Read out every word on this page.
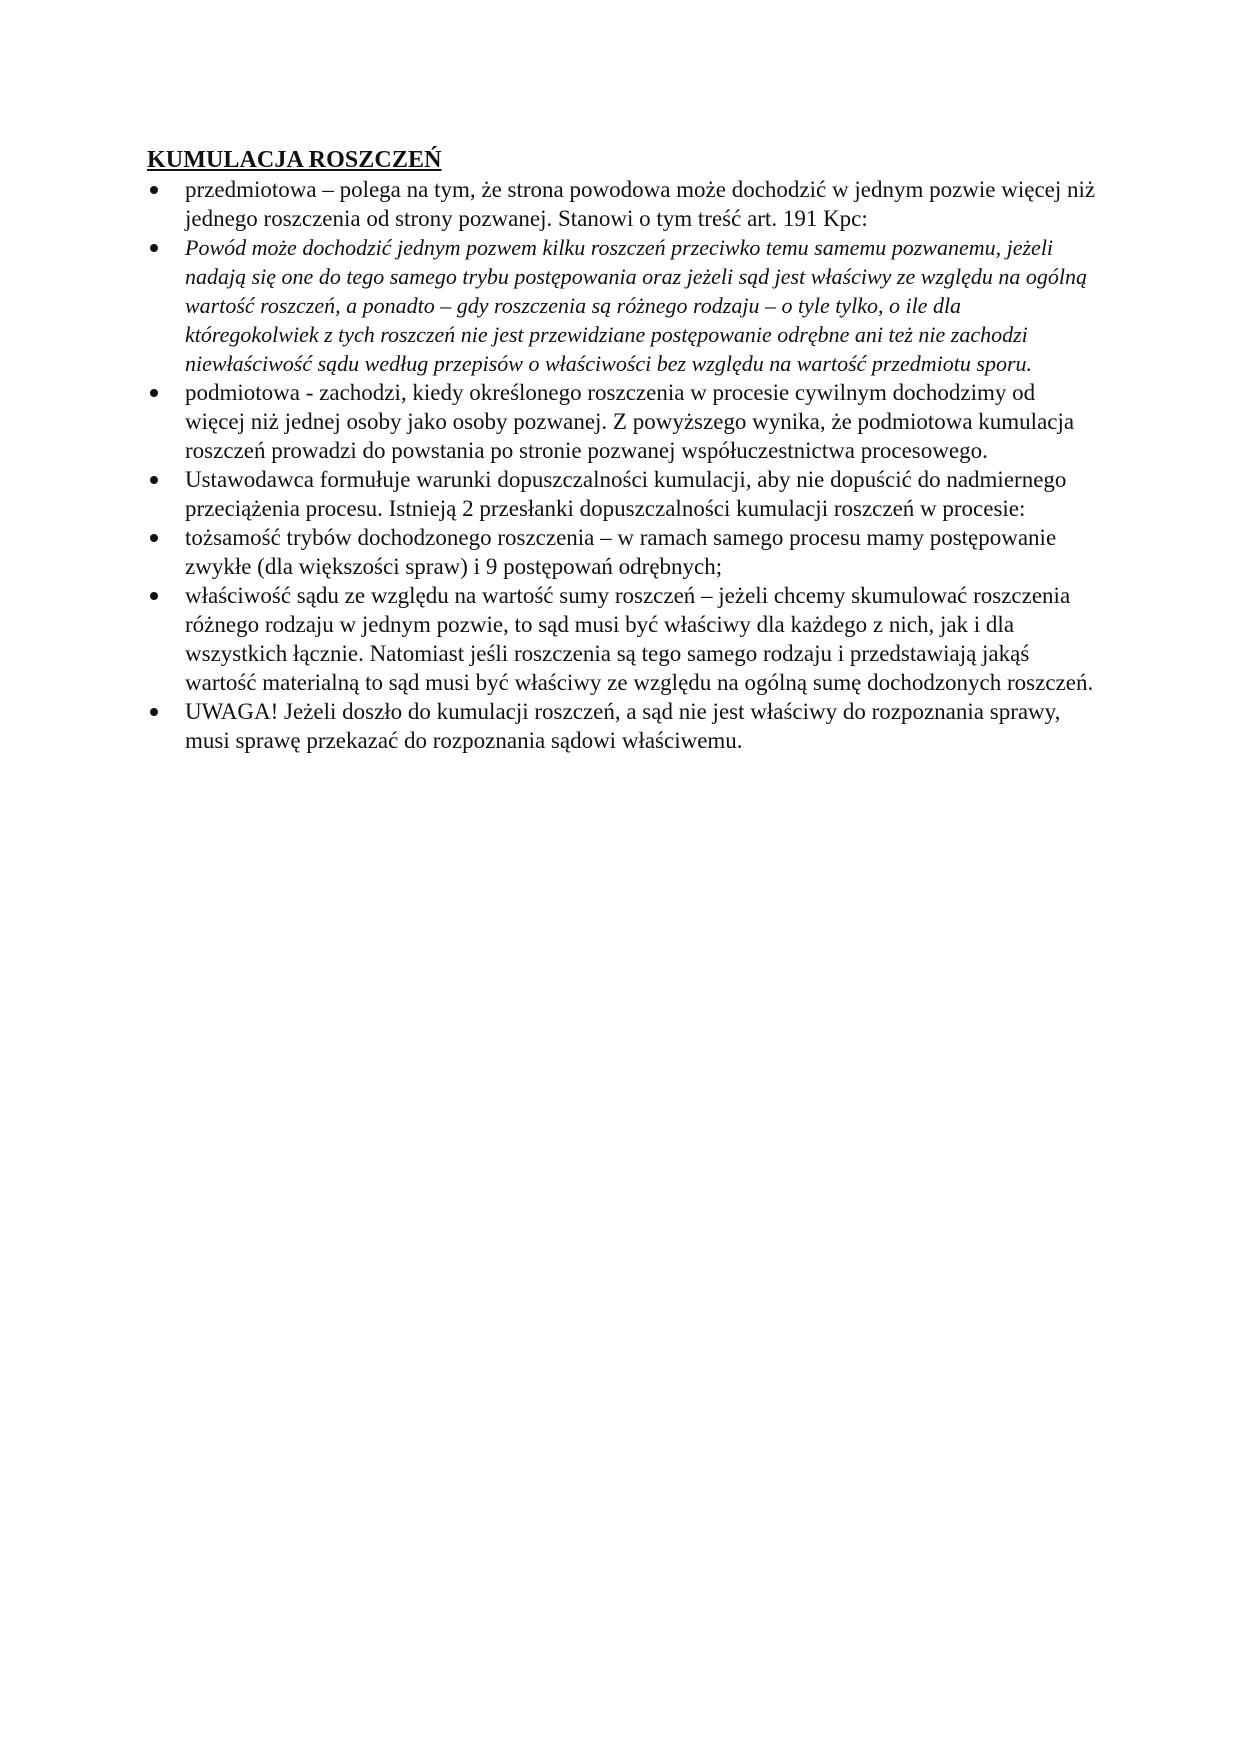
KUMULACJA ROSZCZEŃ
przedmiotowa – polega na tym, że strona powodowa może dochodzić w jednym pozwie więcej niż jednego roszczenia od strony pozwanej. Stanowi o tym treść art. 191 Kpc:
Powód może dochodzić jednym pozwem kilku roszczeń przeciwko temu samemu pozwanemu, jeżeli nadają się one do tego samego trybu postępowania oraz jeżeli sąd jest właściwy ze względu na ogólną wartość roszczeń, a ponadto – gdy roszczenia są różnego rodzaju – o tyle tylko, o ile dla któregokolwiek z tych roszczeń nie jest przewidziane postępowanie odrębne ani też nie zachodzi niewłaściwość sądu według przepisów o właściwości bez względu na wartość przedmiotu sporu.
podmiotowa - zachodzi, kiedy określonego roszczenia w procesie cywilnym dochodzimy od więcej niż jednej osoby jako osoby pozwanej. Z powyższego wynika, że podmiotowa kumulacja roszczeń prowadzi do powstania po stronie pozwanej współuczestnictwa procesowego.
Ustawodawca formułuje warunki dopuszczalności kumulacji, aby nie dopuścić do nadmiernego przeciążenia procesu. Istnieją 2 przesłanki dopuszczalności kumulacji roszczeń w procesie:
tożsamość trybów dochodzonego roszczenia – w ramach samego procesu mamy postępowanie zwykłe (dla większości spraw) i 9 postępowań odrębnych;
właściwość sądu ze względu na wartość sumy roszczeń – jeżeli chcemy skumulować roszczenia różnego rodzaju w jednym pozwie, to sąd musi być właściwy dla każdego z nich, jak i dla wszystkich łącznie. Natomiast jeśli roszczenia są tego samego rodzaju i przedstawiają jakąś wartość materialną to sąd musi być właściwy ze względu na ogólną sumę dochodzonych roszczeń.
UWAGA! Jeżeli doszło do kumulacji roszczeń, a sąd nie jest właściwy do rozpoznania sprawy, musi sprawę przekazać do rozpoznania sądowi właściwemu.
